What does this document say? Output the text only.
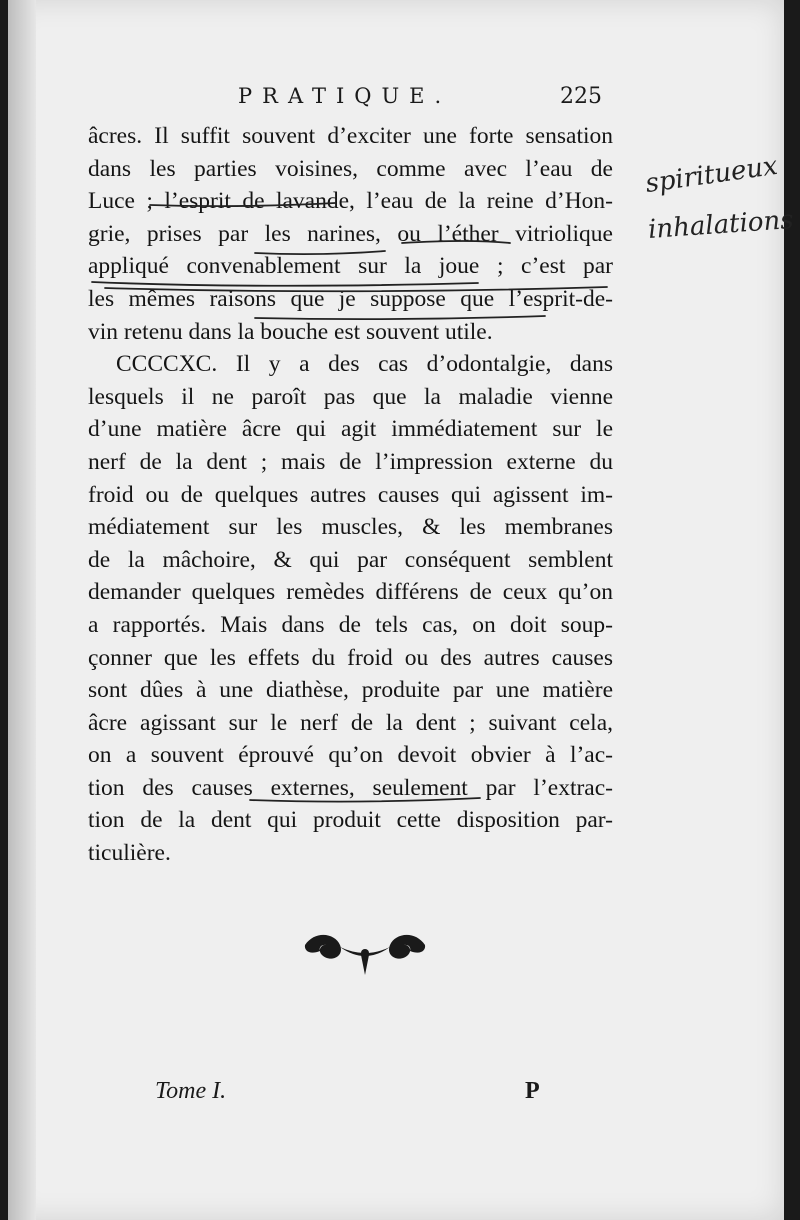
PRATIQUE.	225
âcres. Il suffit souvent d’exciter une forte sensation
dans les parties voisines, comme avec l’eau de
Luce ; l’esprit de lavande, l’eau de la reine d’Hon-
grie, prises par les narines, ou l’éther vitriolique
appliqué convenablement sur la joue ; c’est par
les mêmes raisons que je suppose que l’esprit-de-
vin retenu dans la bouche est souvent utile.
CCCCXC. Il y a des cas d’odontalgie, dans
lesquels il ne paroît pas que la maladie vienne
d’une matière âcre qui agit immédiatement sur le
nerf de la dent ; mais de l’impression externe du
froid ou de quelques autres causes qui agissent im-
médiatement sur les muscles, & les membranes
de la mâchoire, & qui par conséquent semblent
demander quelques remèdes différens de ceux qu’on
a rapportés. Mais dans de tels cas, on doit soup-
çonner que les effets du froid ou des autres causes
sont dûes à une diathèse, produite par une matière
âcre agissant sur le nerf de la dent ; suivant cela,
on a souvent éprouvé qu’on devoit obvier à l’ac-
tion des causes externes, seulement par l’extrac-
tion de la dent qui produit cette disposition par-
ticulière.
spiritueux
inhalations
Tome I.	P
